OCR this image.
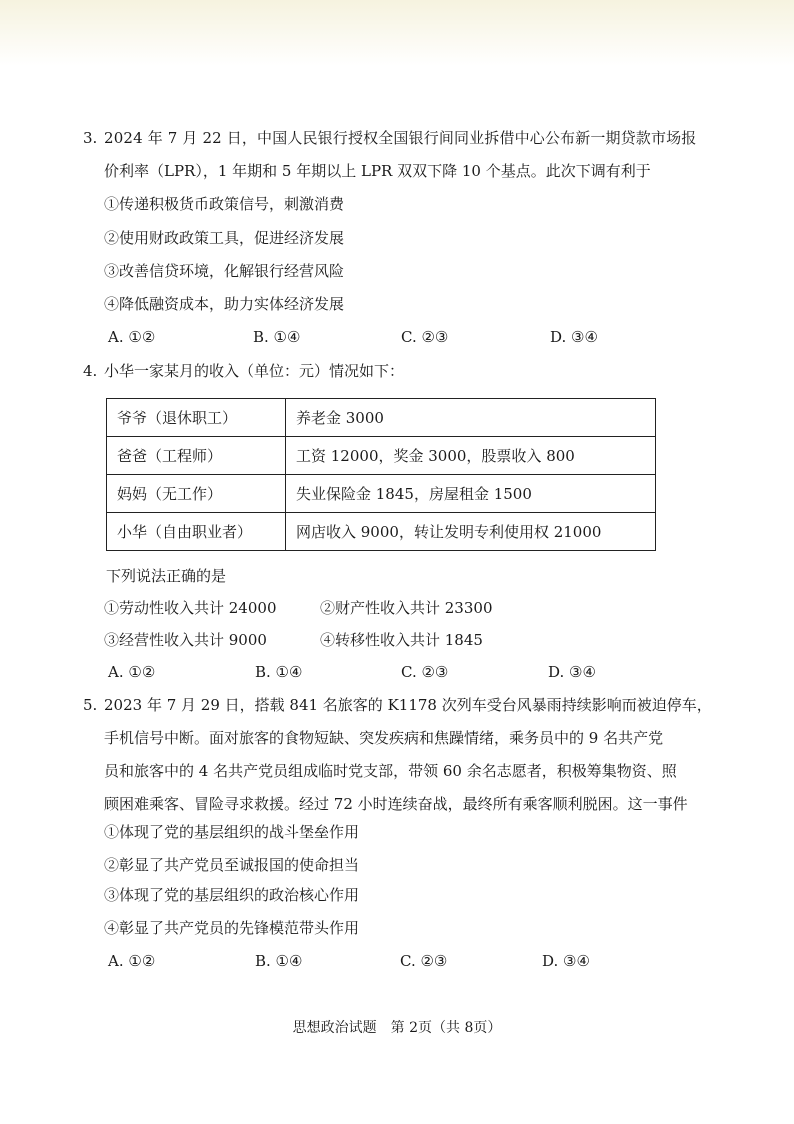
3. 2024 年 7 月 22 日，中国人民银行授权全国银行间同业拆借中心公布新一期贷款市场报
价利率（LPR），1 年期和 5 年期以上 LPR 双双下降 10 个基点。此次下调有利于
①传递积极货币政策信号，刺激消费
②使用财政政策工具，促进经济发展
③改善信贷环境，化解银行经营风险
④降低融资成本，助力实体经济发展
A. ①②	B. ①④	C. ②③	D. ③④
4. 小华一家某月的收入（单位：元）情况如下：
爷爷（退休职工）	养老金 3000
爸爸（工程师）	工资 12000，奖金 3000，股票收入 800
妈妈（无工作）	失业保险金 1845，房屋租金 1500
小华（自由职业者）	网店收入 9000，转让发明专利使用权 21000
下列说法正确的是
①劳动性收入共计 24000	②财产性收入共计 23300
③经营性收入共计 9000	④转移性收入共计 1845
A. ①②	B. ①④	C. ②③	D. ③④
5. 2023 年 7 月 29 日，搭载 841 名旅客的 K1178 次列车受台风暴雨持续影响而被迫停车，
手机信号中断。面对旅客的食物短缺、突发疾病和焦躁情绪，乘务员中的 9 名共产党
员和旅客中的 4 名共产党员组成临时党支部，带领 60 余名志愿者，积极筹集物资、照
顾困难乘客、冒险寻求救援。经过 72 小时连续奋战，最终所有乘客顺利脱困。这一事件
①体现了党的基层组织的战斗堡垒作用
②彰显了共产党员至诚报国的使命担当
③体现了党的基层组织的政治核心作用
④彰显了共产党员的先锋模范带头作用
A. ①②	B. ①④	C. ②③	D. ③④
思想政治试题　第 2页（共 8页）
